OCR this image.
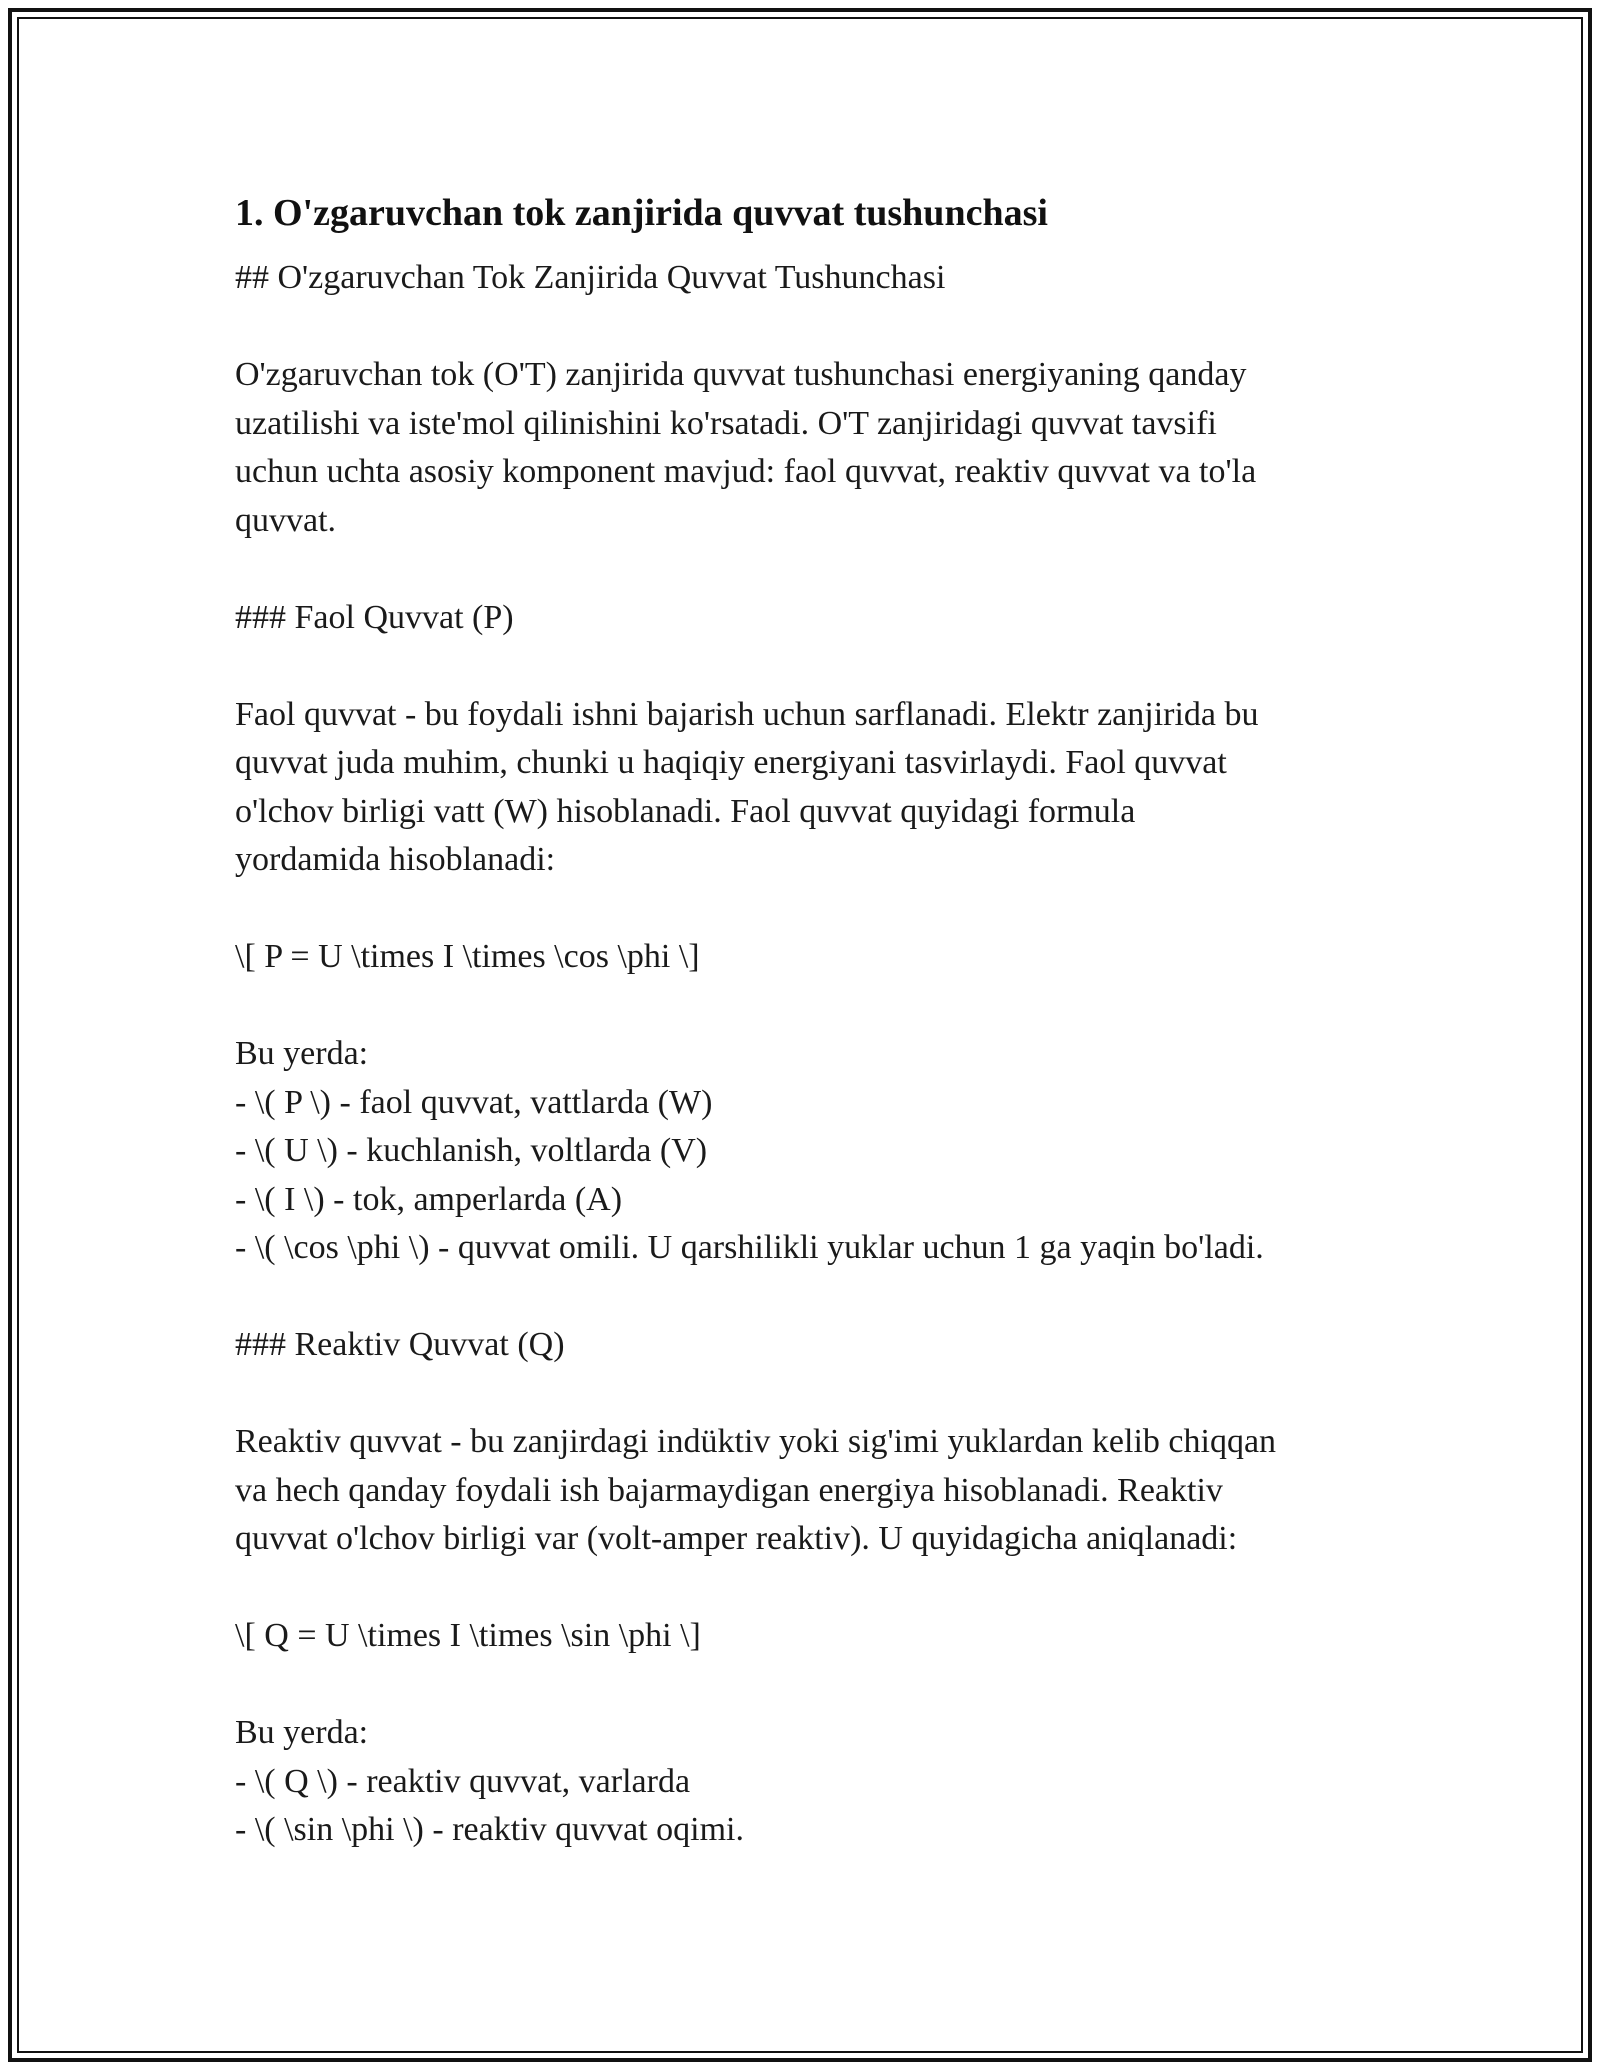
1. O'zgaruvchan tok zanjirida quvvat tushunchasi

## O'zgaruvchan Tok Zanjirida Quvvat Tushunchasi

O'zgaruvchan tok (O'T) zanjirida quvvat tushunchasi energiyaning qanday

uzatilishi va iste'mol qilinishini ko'rsatadi. O'T zanjiridagi quvvat tavsifi

uchun uchta asosiy komponent mavjud: faol quvvat, reaktiv quvvat va to'la

quvvat.

### Faol Quvvat (P)

Faol quvvat - bu foydali ishni bajarish uchun sarflanadi. Elektr zanjirida bu

quvvat juda muhim, chunki u haqiqiy energiyani tasvirlaydi. Faol quvvat

o'lchov birligi vatt (W) hisoblanadi. Faol quvvat quyidagi formula

yordamida hisoblanadi:

\[ P = U \times I \times \cos \phi \]

Bu yerda:

- \( P \) - faol quvvat, vattlarda (W)

- \( U \) - kuchlanish, voltlarda (V)

- \( I \) - tok, amperlarda (A)

- \( \cos \phi \) - quvvat omili. U qarshilikli yuklar uchun 1 ga yaqin bo'ladi.

### Reaktiv Quvvat (Q)

Reaktiv quvvat - bu zanjirdagi indüktiv yoki sig'imi yuklardan kelib chiqqan

va hech qanday foydali ish bajarmaydigan energiya hisoblanadi. Reaktiv

quvvat o'lchov birligi var (volt-amper reaktiv). U quyidagicha aniqlanadi:

\[ Q = U \times I \times \sin \phi \]

Bu yerda:

- \( Q \) - reaktiv quvvat, varlarda

- \( \sin \phi \) - reaktiv quvvat oqimi.
